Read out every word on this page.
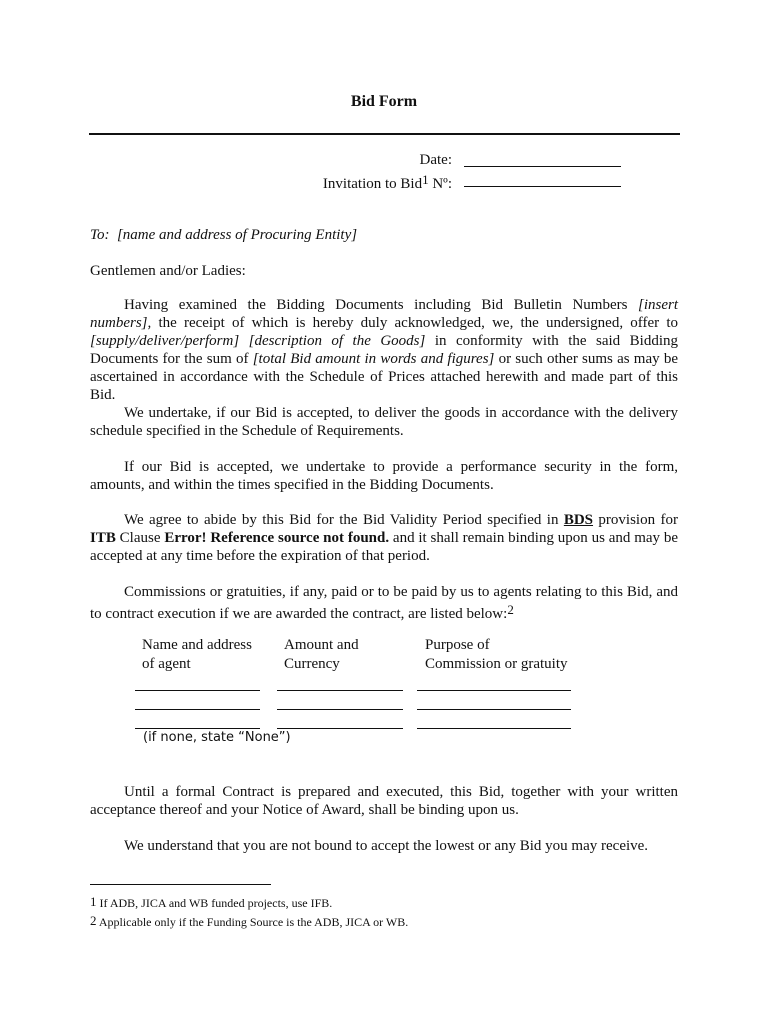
Bid Form
Date:
Invitation to Bid$^1$ Nº:
To: [name and address of Procuring Entity]
Gentlemen and/or Ladies:
Having examined the Bidding Documents including Bid Bulletin Numbers [insert numbers], the receipt of which is hereby duly acknowledged, we, the undersigned, offer to [supply/deliver/perform] [description of the Goods] in conformity with the said Bidding Documents for the sum of [total Bid amount in words and figures] or such other sums as may be ascertained in accordance with the Schedule of Prices attached herewith and made part of this Bid.
We undertake, if our Bid is accepted, to deliver the goods in accordance with the delivery schedule specified in the Schedule of Requirements.
If our Bid is accepted, we undertake to provide a performance security in the form, amounts, and within the times specified in the Bidding Documents.
We agree to abide by this Bid for the Bid Validity Period specified in BDS provision for ITB Clause Error! Reference source not found. and it shall remain binding upon us and may be accepted at any time before the expiration of that period.
Commissions or gratuities, if any, paid or to be paid by us to agents relating to this Bid, and to contract execution if we are awarded the contract, are listed below:$^2$
Name and address
of agent
Amount and
Currency
Purpose of
Commission or gratuity
(if none, state “None”)
Until a formal Contract is prepared and executed, this Bid, together with your written acceptance thereof and your Notice of Award, shall be binding upon us.
We understand that you are not bound to accept the lowest or any Bid you may receive.
1 If ADB, JICA and WB funded projects, use IFB.
2 Applicable only if the Funding Source is the ADB, JICA or WB.
